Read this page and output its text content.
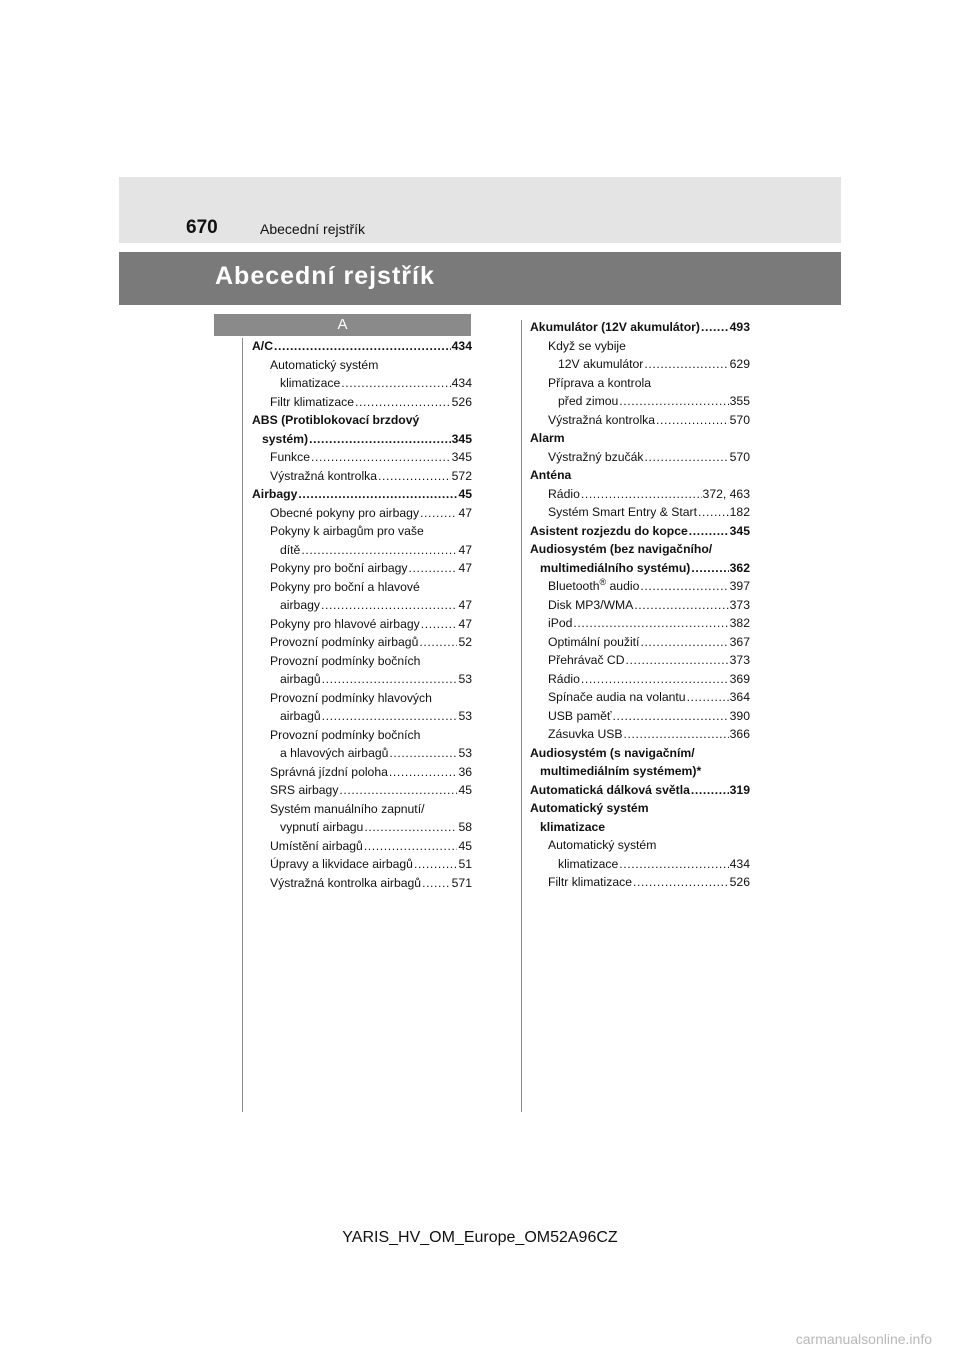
670	Abecední rejstřík
Abecední rejstřík
A
A/C .....	434
Automatický systém
klimatizace .....	434
Filtr klimatizace .....	526
ABS (Protiblokovací brzdový
systém) .....	345
Funkce .....	345
Výstražná kontrolka .....	572
Airbagy .....	45
Obecné pokyny pro airbagy .....	47
Pokyny k airbagům pro vaše
dítě .....	47
Pokyny pro boční airbagy .....	47
Pokyny pro boční a hlavové
airbagy .....	47
Pokyny pro hlavové airbagy .....	47
Provozní podmínky airbagů .....	52
Provozní podmínky bočních
airbagů .....	53
Provozní podmínky hlavových
airbagů .....	53
Provozní podmínky bočních
a hlavových airbagů .....	53
Správná jízdní poloha .....	36
SRS airbagy .....	45
Systém manuálního zapnutí/
vypnutí airbagu .....	58
Umístění airbagů .....	45
Úpravy a likvidace airbagů .....	51
Výstražná kontrolka airbagů .....	571
Akumulátor (12V akumulátor) ..... 493
Když se vybije
12V akumulátor .....	629
Příprava a kontrola
před zimou .....	355
Výstražná kontrolka .....	570
Alarm
Výstražný bzučák .....	570
Anténa
Rádio .....	372, 463
Systém Smart Entry & Start .....	182
Asistent rozjezdu do kopce .....	345
Audiosystém (bez navigačního/
multimediálního systému) .....	362
Bluetooth® audio .....	397
Disk MP3/WMA .....	373
iPod .....	382
Optimální použití .....	367
Přehrávač CD .....	373
Rádio .....	369
Spínače audia na volantu .....	364
USB paměť .....	390
Zásuvka USB .....	366
Audiosystém (s navigačním/
multimediálním systémem)*
Automatická dálková světla .....	319
Automatický systém
klimatizace
Automatický systém
klimatizace .....	434
Filtr klimatizace .....	526
YARIS_HV_OM_Europe_OM52A96CZ
carmanualsonline.info
